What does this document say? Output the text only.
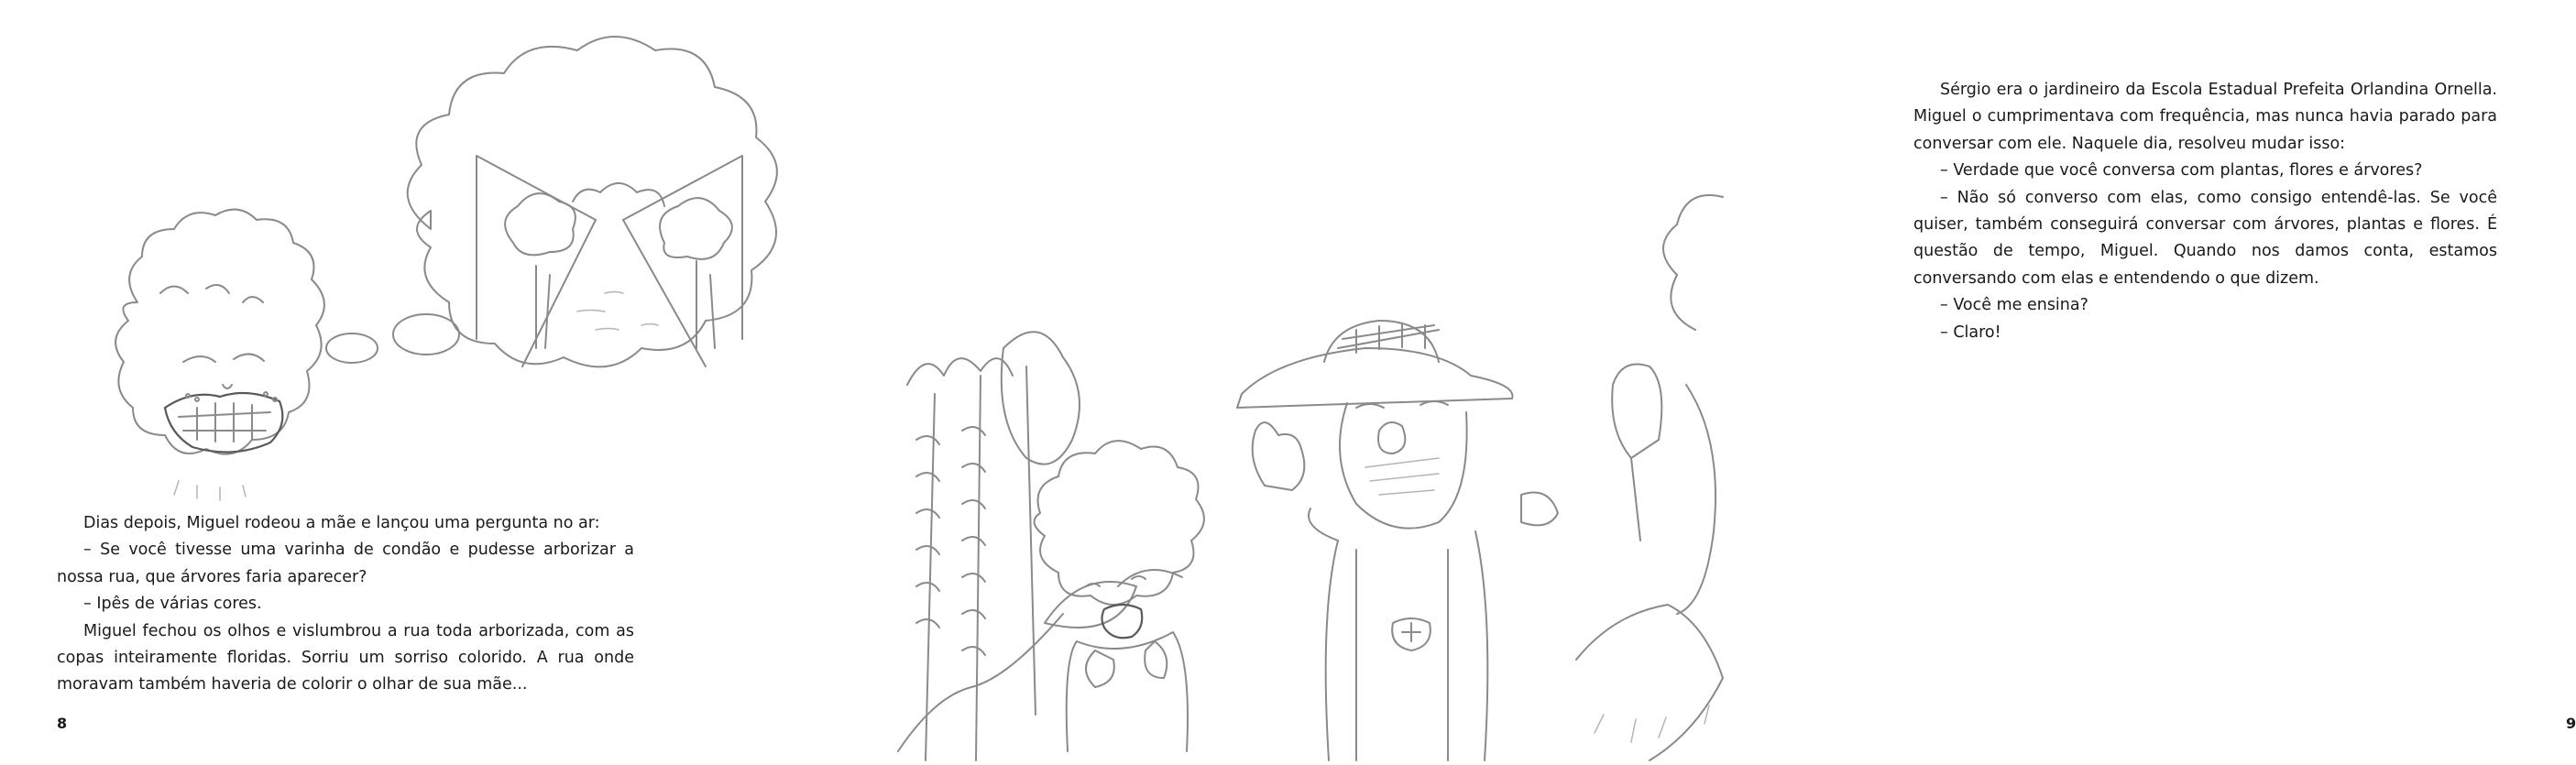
Dias depois, Miguel rodeou a mãe e lançou uma pergunta no ar:

– Se você tivesse uma varinha de condão e pudesse arborizar a nossa rua, que árvores faria aparecer?

– Ipês de várias cores.

Miguel fechou os olhos e vislumbrou a rua toda arborizada, com as copas inteiramente floridas. Sorriu um sorriso colorido. A rua onde moravam também haveria de colorir o olhar de sua mãe...

8

Sérgio era o jardineiro da Escola Estadual Prefeita Orlandina Ornella. Miguel o cumprimentava com frequência, mas nunca havia parado para conversar com ele. Naquele dia, resolveu mudar isso:

– Verdade que você conversa com plantas, flores e árvores?

– Não só converso com elas, como consigo entendê-las. Se você quiser, também conseguirá conversar com árvores, plantas e flores. É questão de tempo, Miguel. Quando nos damos conta, estamos conversando com elas e entendendo o que dizem.

– Você me ensina?

– Claro!

9
